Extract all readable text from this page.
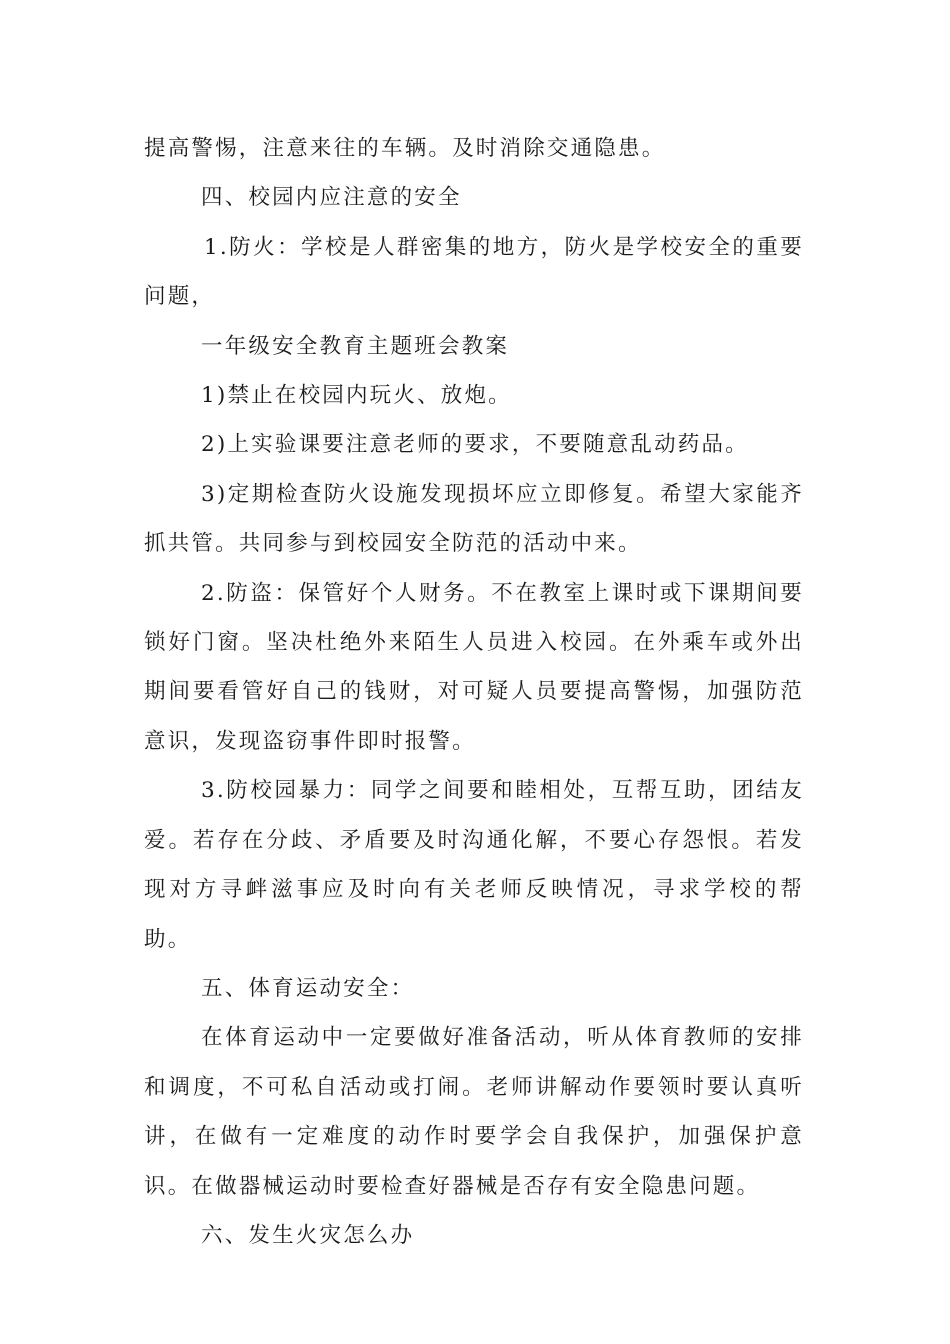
提高警惕，注意来往的车辆。及时消除交通隐患。

四、校园内应注意的安全

1.防火：学校是人群密集的地方，防火是学校安全的重要问题，

一年级安全教育主题班会教案

1)禁止在校园内玩火、放炮。

2)上实验课要注意老师的要求，不要随意乱动药品。

3)定期检查防火设施发现损坏应立即修复。希望大家能齐抓共管。共同参与到校园安全防范的活动中来。

2.防盗：保管好个人财务。不在教室上课时或下课期间要锁好门窗。坚决杜绝外来陌生人员进入校园。在外乘车或外出期间要看管好自己的钱财，对可疑人员要提高警惕，加强防范意识，发现盗窃事件即时报警。

3.防校园暴力：同学之间要和睦相处，互帮互助，团结友爱。若存在分歧、矛盾要及时沟通化解，不要心存怨恨。若发现对方寻衅滋事应及时向有关老师反映情况，寻求学校的帮助。

五、体育运动安全：

在体育运动中一定要做好准备活动，听从体育教师的安排和调度，不可私自活动或打闹。老师讲解动作要领时要认真听讲，在做有一定难度的动作时要学会自我保护，加强保护意识。在做器械运动时要检查好器械是否存有安全隐患问题。

六、发生火灾怎么办
